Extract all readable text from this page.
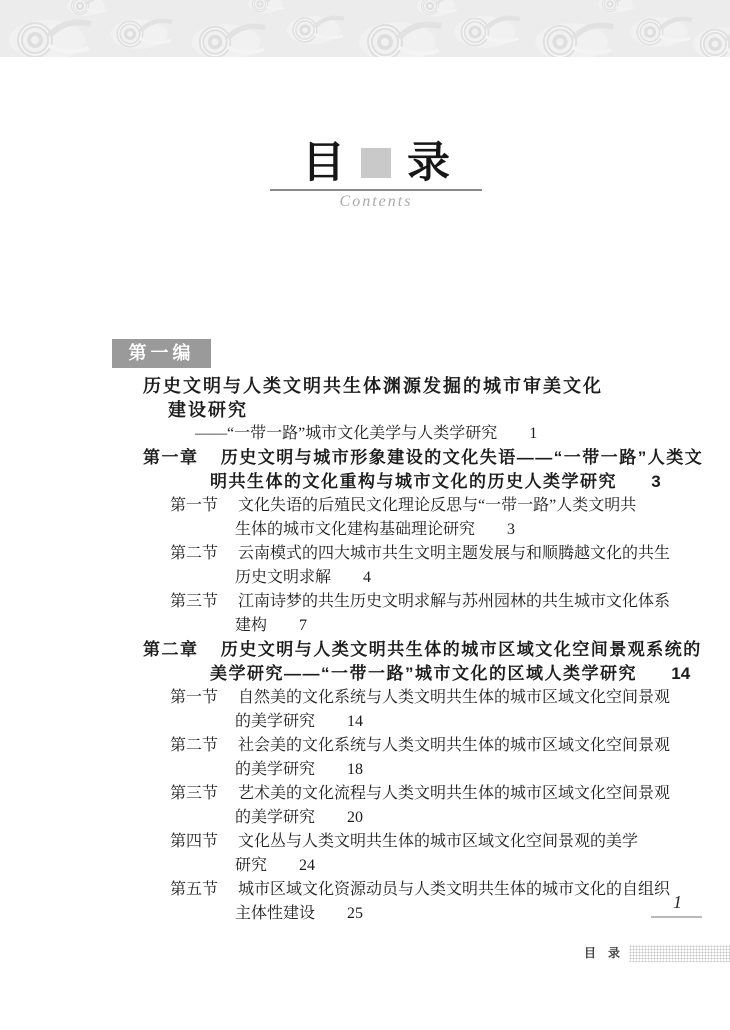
目 录
Contents
第一编
历史文明与人类文明共生体渊源发掘的城市审美文化
建设研究
——“一带一路”城市文化美学与人类学研究 1
第一章 历史文明与城市形象建设的文化失语——“一带一路”人类文
明共生体的文化重构与城市文化的历史人类学研究 3
第一节 文化失语的后殖民文化理论反思与“一带一路”人类文明共
生体的城市文化建构基础理论研究 3
第二节 云南模式的四大城市共生文明主题发展与和顺腾越文化的共生
历史文明求解 4
第三节 江南诗梦的共生历史文明求解与苏州园林的共生城市文化体系
建构 7
第二章 历史文明与人类文明共生体的城市区域文化空间景观系统的
美学研究——“一带一路”城市文化的区域人类学研究 14
第一节 自然美的文化系统与人类文明共生体的城市区域文化空间景观
的美学研究 14
第二节 社会美的文化系统与人类文明共生体的城市区域文化空间景观
的美学研究 18
第三节 艺术美的文化流程与人类文明共生体的城市区域文化空间景观
的美学研究 20
第四节 文化丛与人类文明共生体的城市区域文化空间景观的美学
研究 24
第五节 城市区域文化资源动员与人类文明共生体的城市文化的自组织
主体性建设 25
1
目　录
